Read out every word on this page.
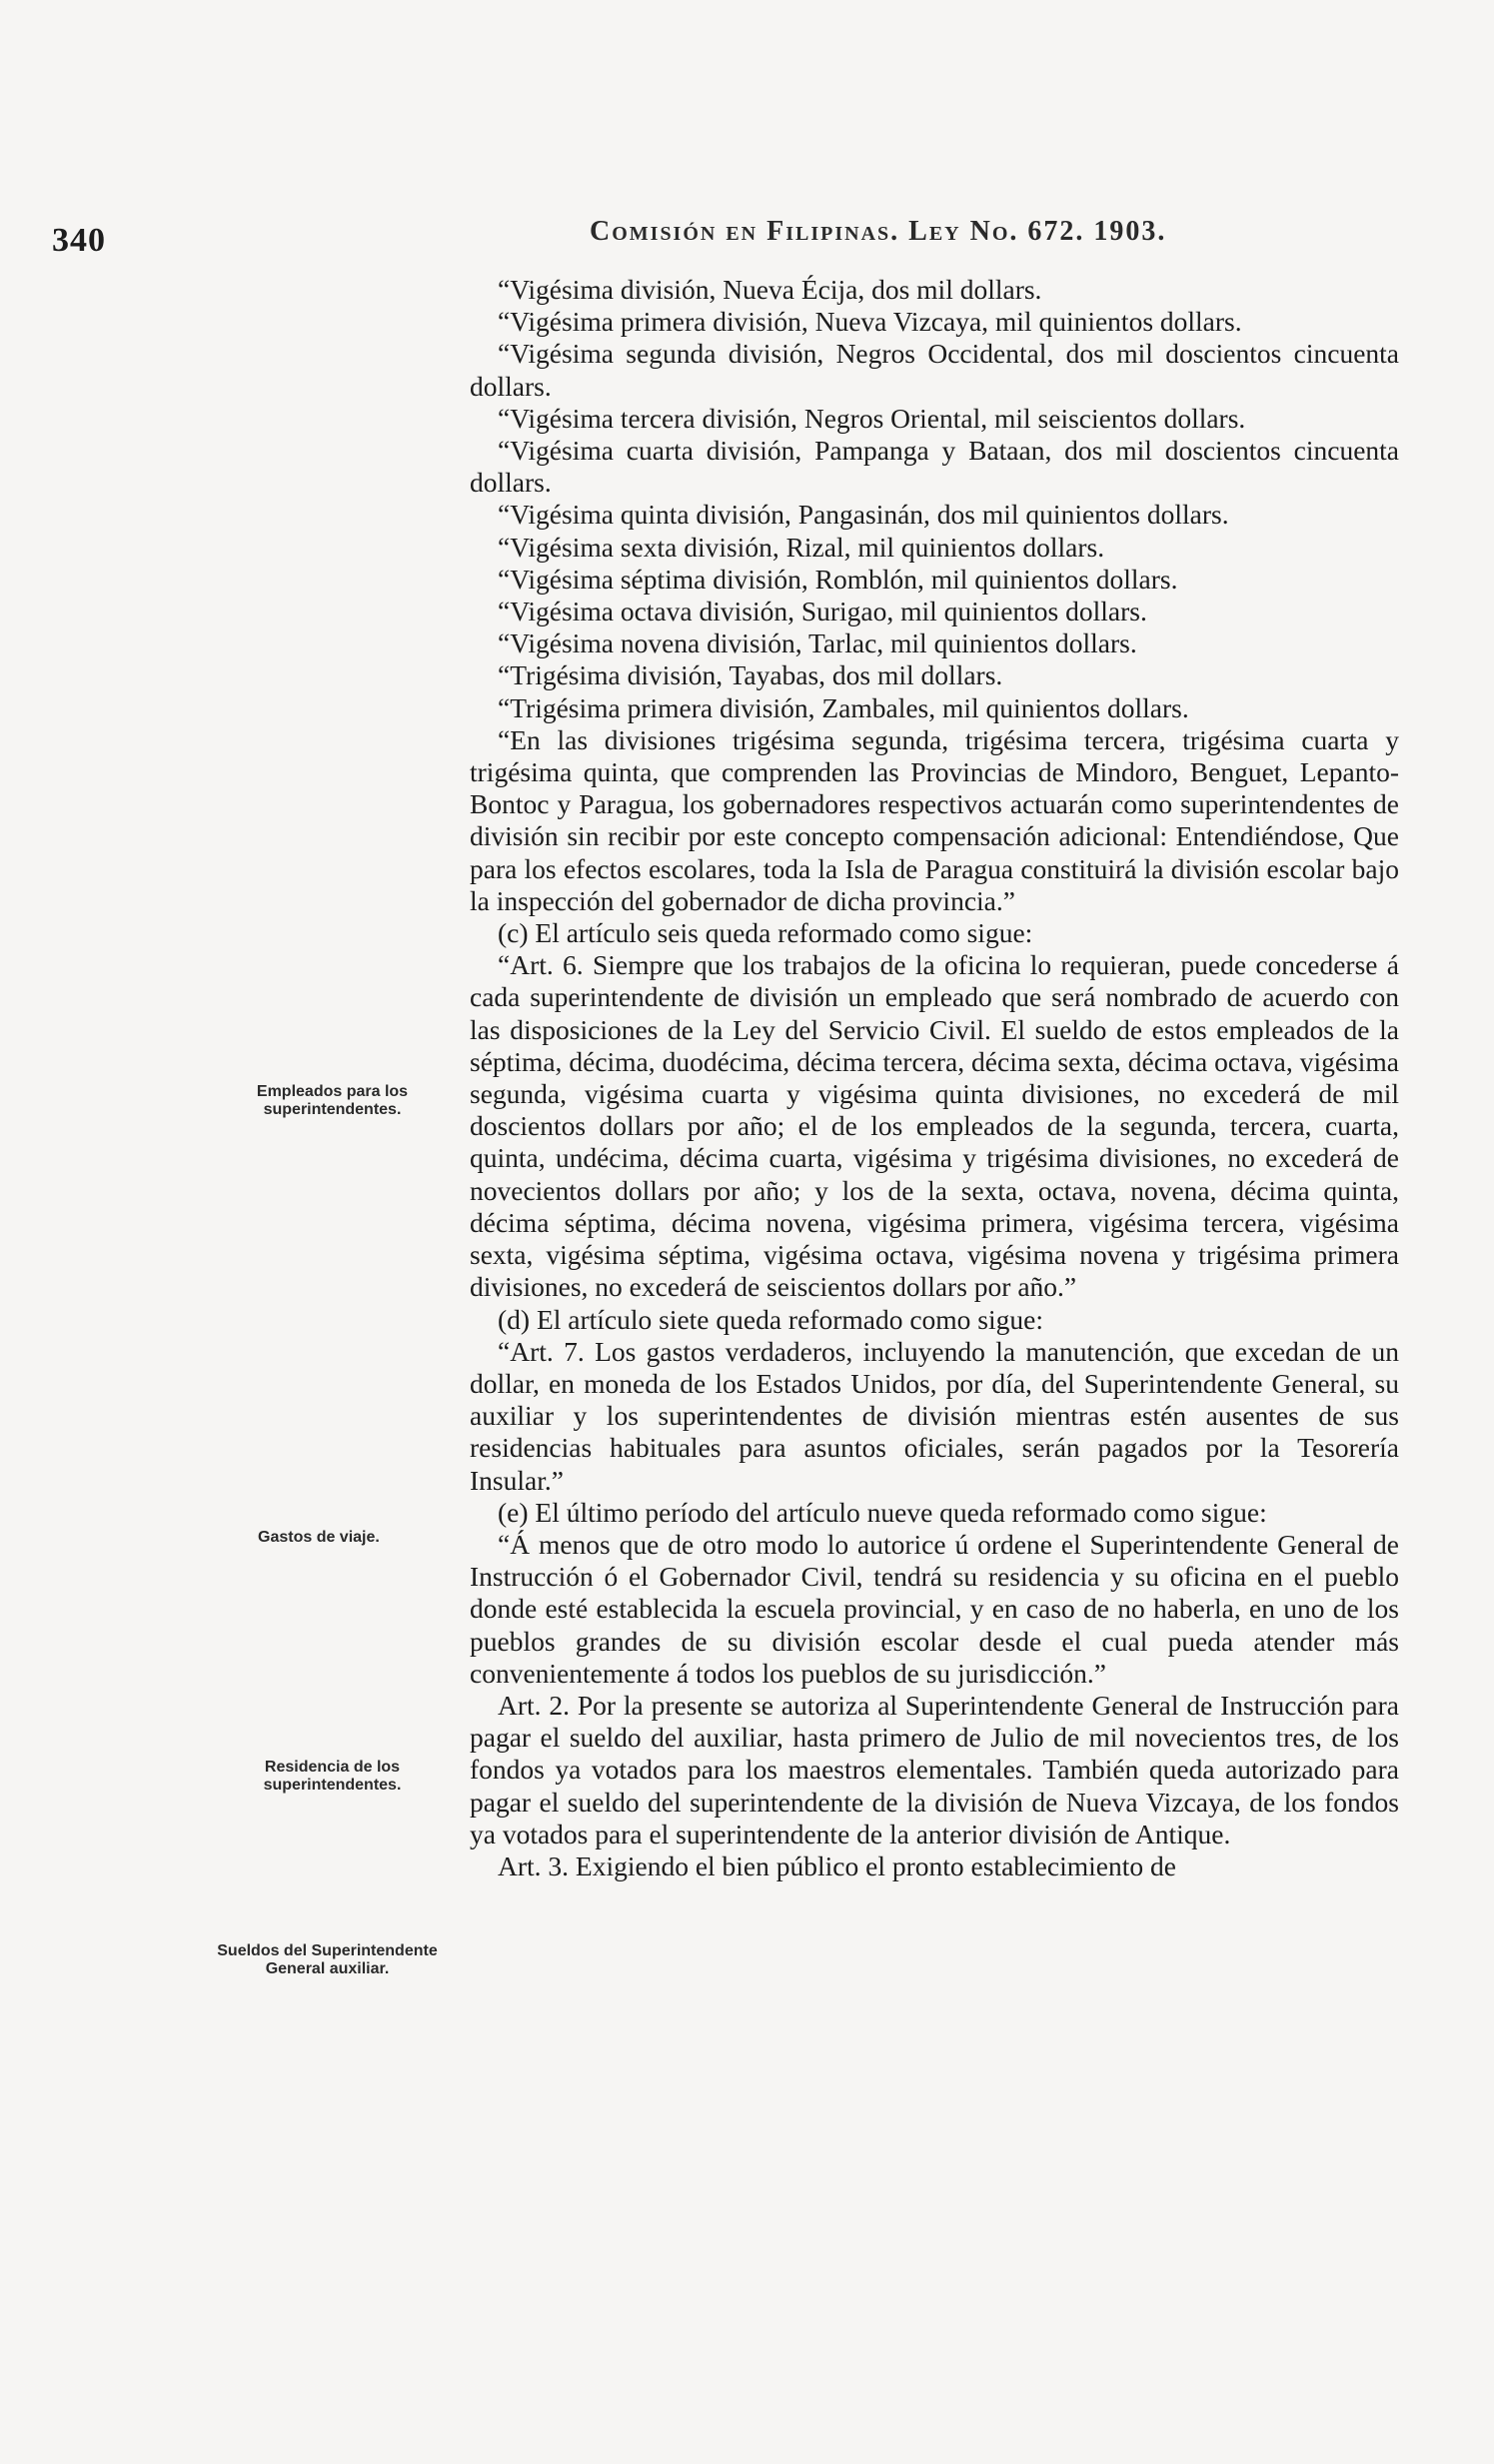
340	Comisión en Filipinas. Ley No. 672. 1903.
Empleados para los superintendentes.
Gastos de viaje.
Residencia de los superintendentes.
Sueldos del Superintendente General auxiliar.

“Vigésima división, Nueva Écija, dos mil dollars.

“Vigésima primera división, Nueva Vizcaya, mil quinientos dollars.

“Vigésima segunda división, Negros Occidental, dos mil doscientos cincuenta dollars.

“Vigésima tercera división, Negros Oriental, mil seiscientos dollars.

“Vigésima cuarta división, Pampanga y Bataan, dos mil doscientos cincuenta dollars.

“Vigésima quinta división, Pangasinán, dos mil quinientos dollars.

“Vigésima sexta división, Rizal, mil quinientos dollars.

“Vigésima séptima división, Romblón, mil quinientos dollars.

“Vigésima octava división, Surigao, mil quinientos dollars.

“Vigésima novena división, Tarlac, mil quinientos dollars.

“Trigésima división, Tayabas, dos mil dollars.

“Trigésima primera división, Zambales, mil quinientos dollars.

“En las divisiones trigésima segunda, trigésima tercera, trigésima cuarta y trigésima quinta, que comprenden las Provincias de Mindoro, Benguet, Lepanto-Bontoc y Paragua, los gobernadores respectivos actuarán como superintendentes de división sin recibir por este concepto compensación adicional: Entendiéndose, Que para los efectos escolares, toda la Isla de Paragua constituirá la división escolar bajo la inspección del gobernador de dicha provincia.”

(c) El artículo seis queda reformado como sigue:

“Art. 6. Siempre que los trabajos de la oficina lo requieran, puede concederse á cada superintendente de división un empleado que será nombrado de acuerdo con las disposiciones de la Ley del Servicio Civil. El sueldo de estos empleados de la séptima, décima, duodécima, décima tercera, décima sexta, décima octava, vigésima segunda, vigésima cuarta y vigésima quinta divisiones, no excederá de mil doscientos dollars por año; el de los empleados de la segunda, tercera, cuarta, quinta, undécima, décima cuarta, vigésima y trigésima divisiones, no excederá de novecientos dollars por año; y los de la sexta, octava, novena, décima quinta, décima séptima, décima novena, vigésima primera, vigésima tercera, vigésima sexta, vigésima séptima, vigésima octava, vigésima novena y trigésima primera divisiones, no excederá de seiscientos dollars por año.”

(d) El artículo siete queda reformado como sigue:

“Art. 7. Los gastos verdaderos, incluyendo la manutención, que excedan de un dollar, en moneda de los Estados Unidos, por día, del Superintendente General, su auxiliar y los superintendentes de división mientras estén ausentes de sus residencias habituales para asuntos oficiales, serán pagados por la Tesorería Insular.”

(e) El último período del artículo nueve queda reformado como sigue:

“Á menos que de otro modo lo autorice ú ordene el Superintendente General de Instrucción ó el Gobernador Civil, tendrá su residencia y su oficina en el pueblo donde esté establecida la escuela provincial, y en caso de no haberla, en uno de los pueblos grandes de su división escolar desde el cual pueda atender más convenientemente á todos los pueblos de su jurisdicción.”

Art. 2. Por la presente se autoriza al Superintendente General de Instrucción para pagar el sueldo del auxiliar, hasta primero de Julio de mil novecientos tres, de los fondos ya votados para los maestros elementales. También queda autorizado para pagar el sueldo del superintendente de la división de Nueva Vizcaya, de los fondos ya votados para el superintendente de la anterior división de Antique.

Art. 3. Exigiendo el bien público el pronto establecimiento de
